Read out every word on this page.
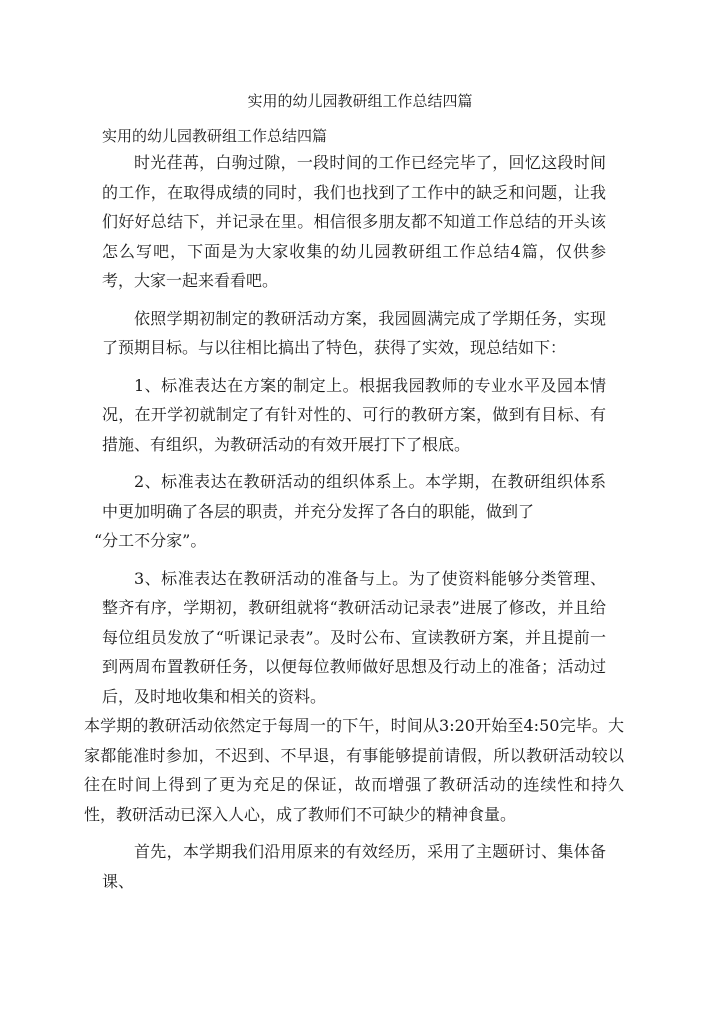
实用的幼儿园教研组工作总结四篇
实用的幼儿园教研组工作总结四篇

时光荏苒，白驹过隙，一段时间的工作已经完毕了，回忆这段时间的工作，在取得成绩的同时，我们也找到了工作中的缺乏和问题，让我们好好总结下，并记录在里。相信很多朋友都不知道工作总结的开头该怎么写吧，下面是为大家收集的幼儿园教研组工作总结4篇，仅供参考，大家一起来看看吧。

依照学期初制定的教研活动方案，我园圆满完成了学期任务，实现了预期目标。与以往相比搞出了特色，获得了实效，现总结如下：

1、标准表达在方案的制定上。根据我园教师的专业水平及园本情况，在开学初就制定了有针对性的、可行的教研方案，做到有目标、有措施、有组织，为教研活动的有效开展打下了根底。

2、标准表达在教研活动的组织体系上。本学期，在教研组织体系中更加明确了各层的职责，并充分发挥了各白的职能，做到了

“分工不分家”。

3、标准表达在教研活动的准备与上。为了使资料能够分类管理、整齐有序，学期初，教研组就将“教研活动记录表”进展了修改，并且给每位组员发放了“听课记录表”。及时公布、宣读教研方案，并且提前一到两周布置教研任务，以便每位教师做好思想及行动上的准备；活动过后，及时地收集和相关的资料。

本学期的教研活动依然定于每周一的下午，时间从3:20开始至4:50完毕。大家都能准时参加，不迟到、不早退，有事能够提前请假，所以教研活动较以往在时间上得到了更为充足的保证，故而增强了教研活动的连续性和持久性，教研活动已深入人心，成了教师们不可缺少的精神食量。

首先，本学期我们沿用原来的有效经历，采用了主题研讨、集体备课、
